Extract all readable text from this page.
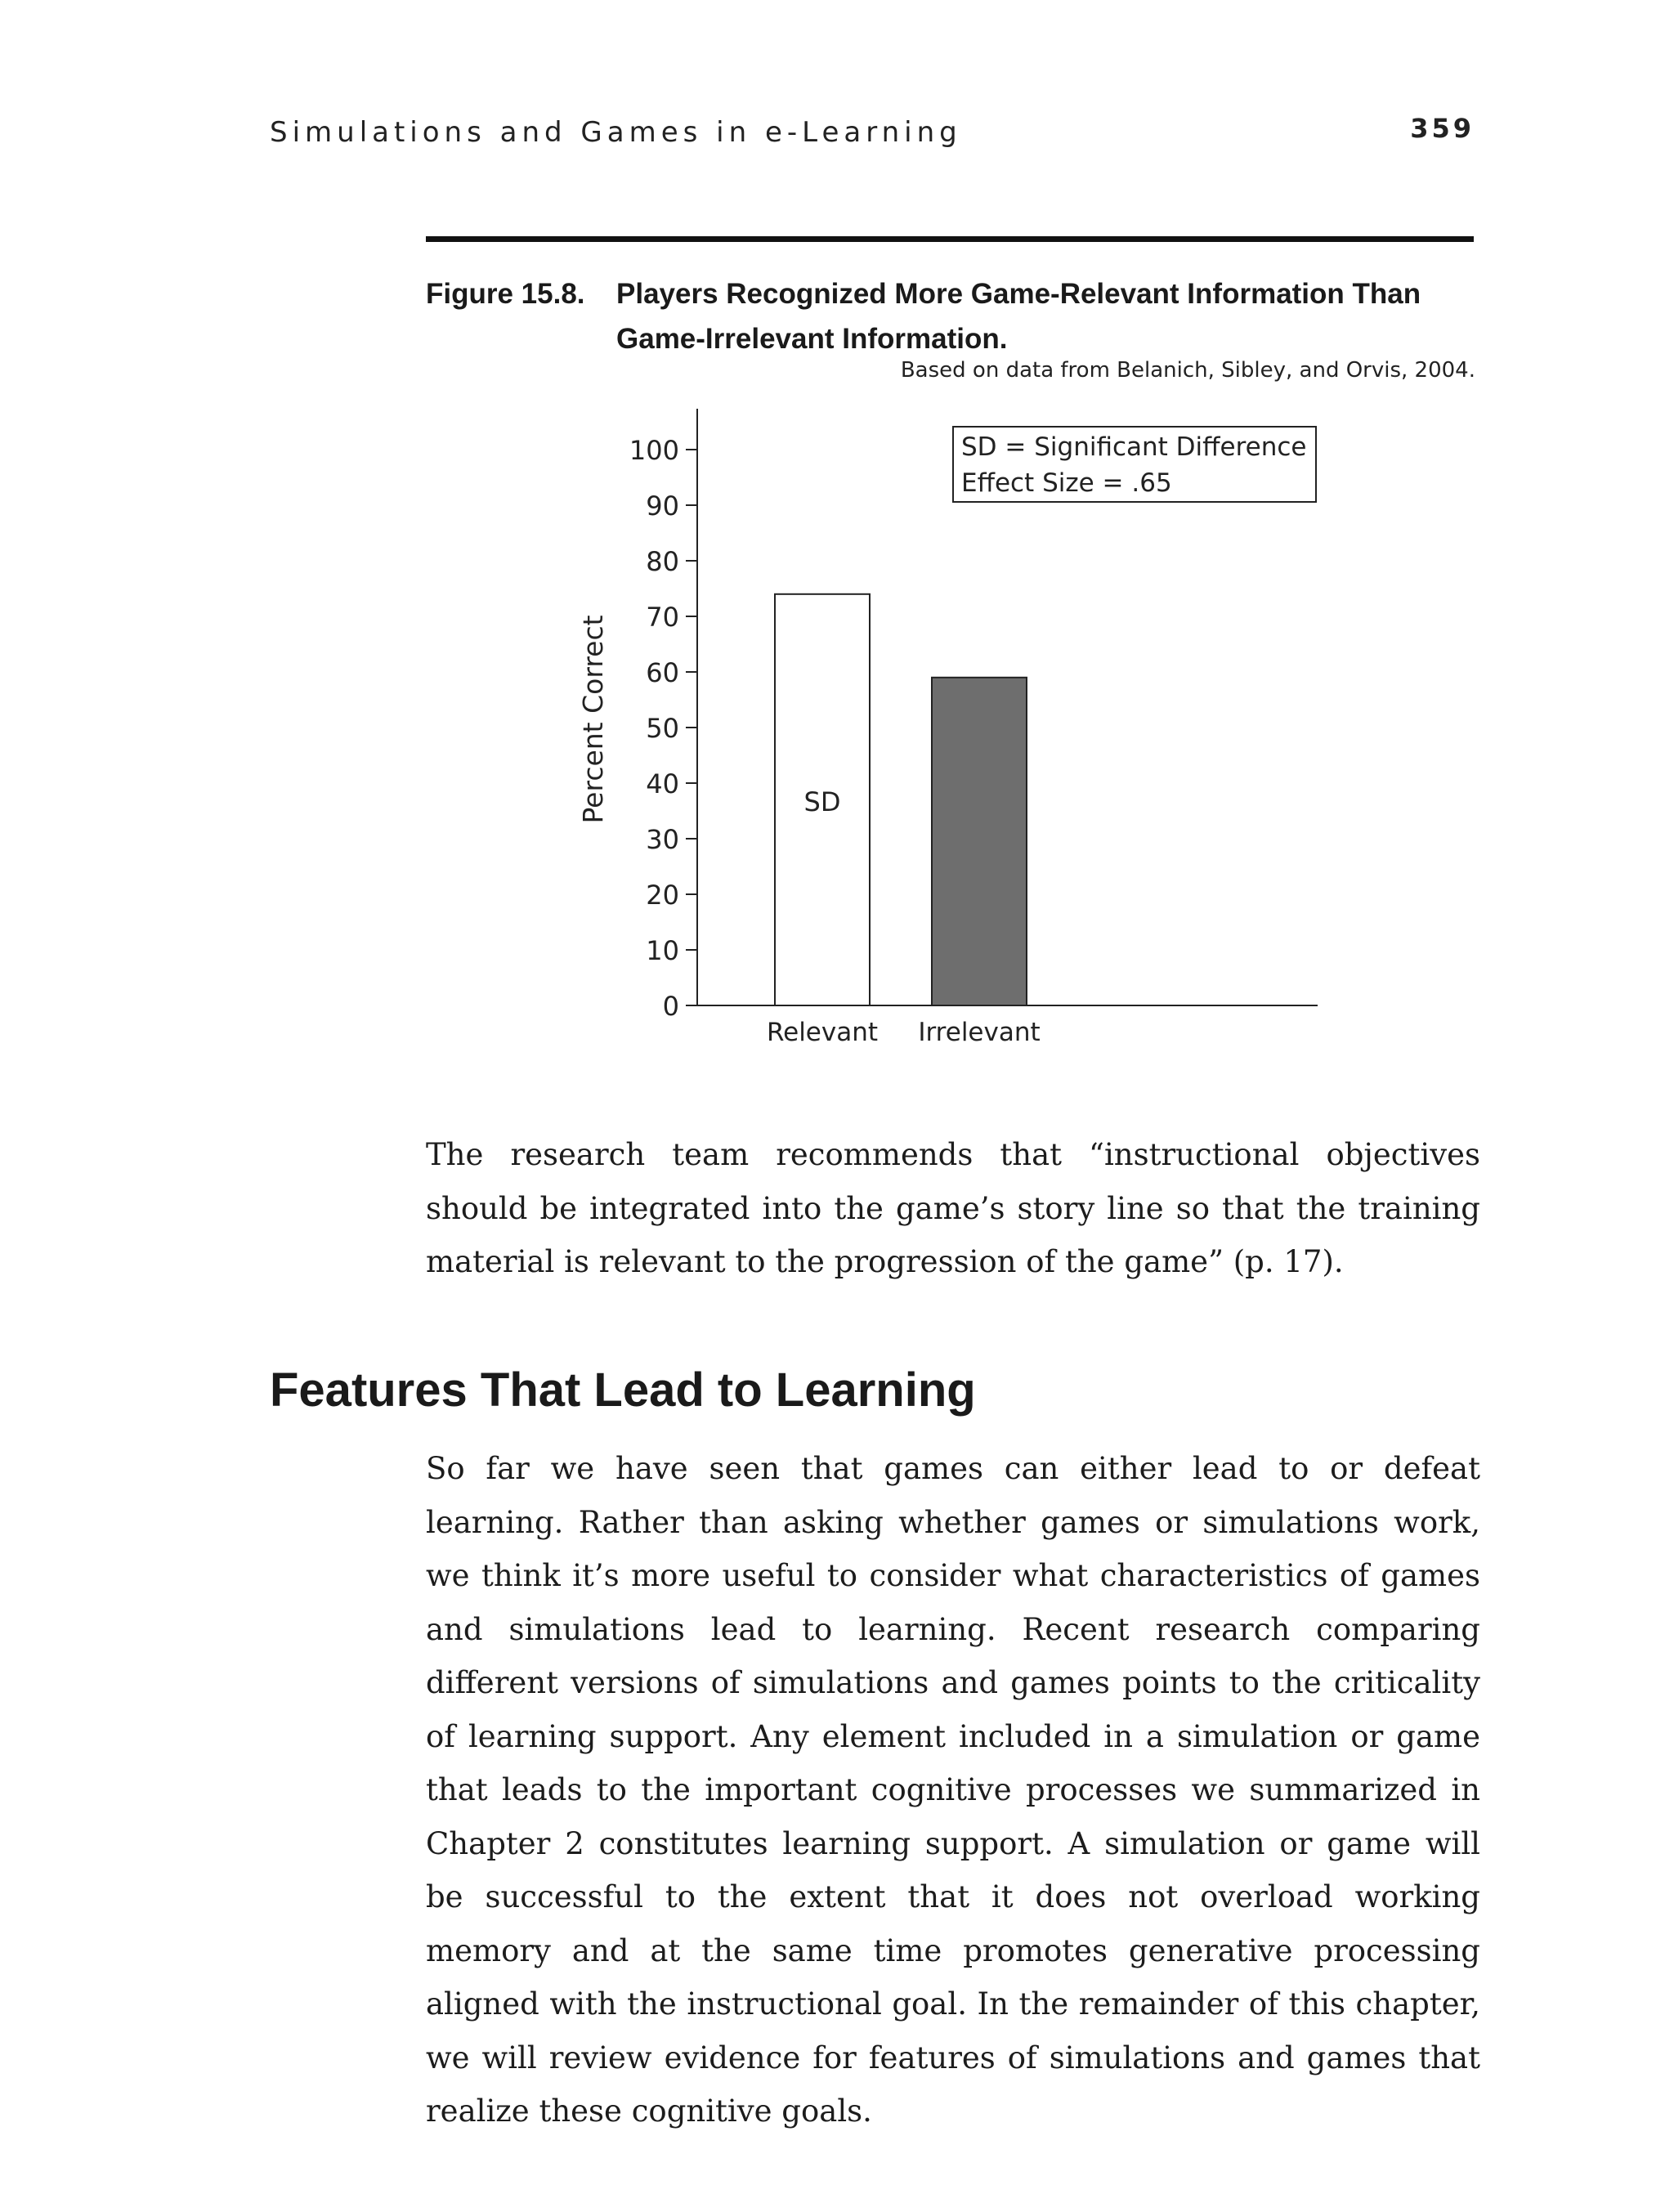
Simulations and Games in e-Learning	359
Figure 15.8. Players Recognized More Game-Relevant Information Than Game-Irrelevant Information.
Based on data from Belanich, Sibley, and Orvis, 2004.
0
10
20
30
40
50
60
70
80
90
100
Percent Correct
Relevant Irrelevant
SD
SD = Significant Difference
Effect Size = .65

The research team recommends that “instructional objectives should be integrated into the game’s story line so that the training material is relevant to the progression of the game” (p. 17).

Features That Lead to Learning

So far we have seen that games can either lead to or defeat learning. Rather than asking whether games or simulations work, we think it’s more useful to consider what characteristics of games and simulations lead to learning. Recent research comparing different versions of simulations and games points to the criticality of learning support. Any element included in a simulation or game that leads to the important cognitive processes we summarized in Chapter 2 constitutes learning support. A simulation or game will be successful to the extent that it does not overload working memory and at the same time promotes generative processing aligned with the instructional goal. In the remainder of this chapter, we will review evidence for features of simulations and games that realize these cognitive goals.
